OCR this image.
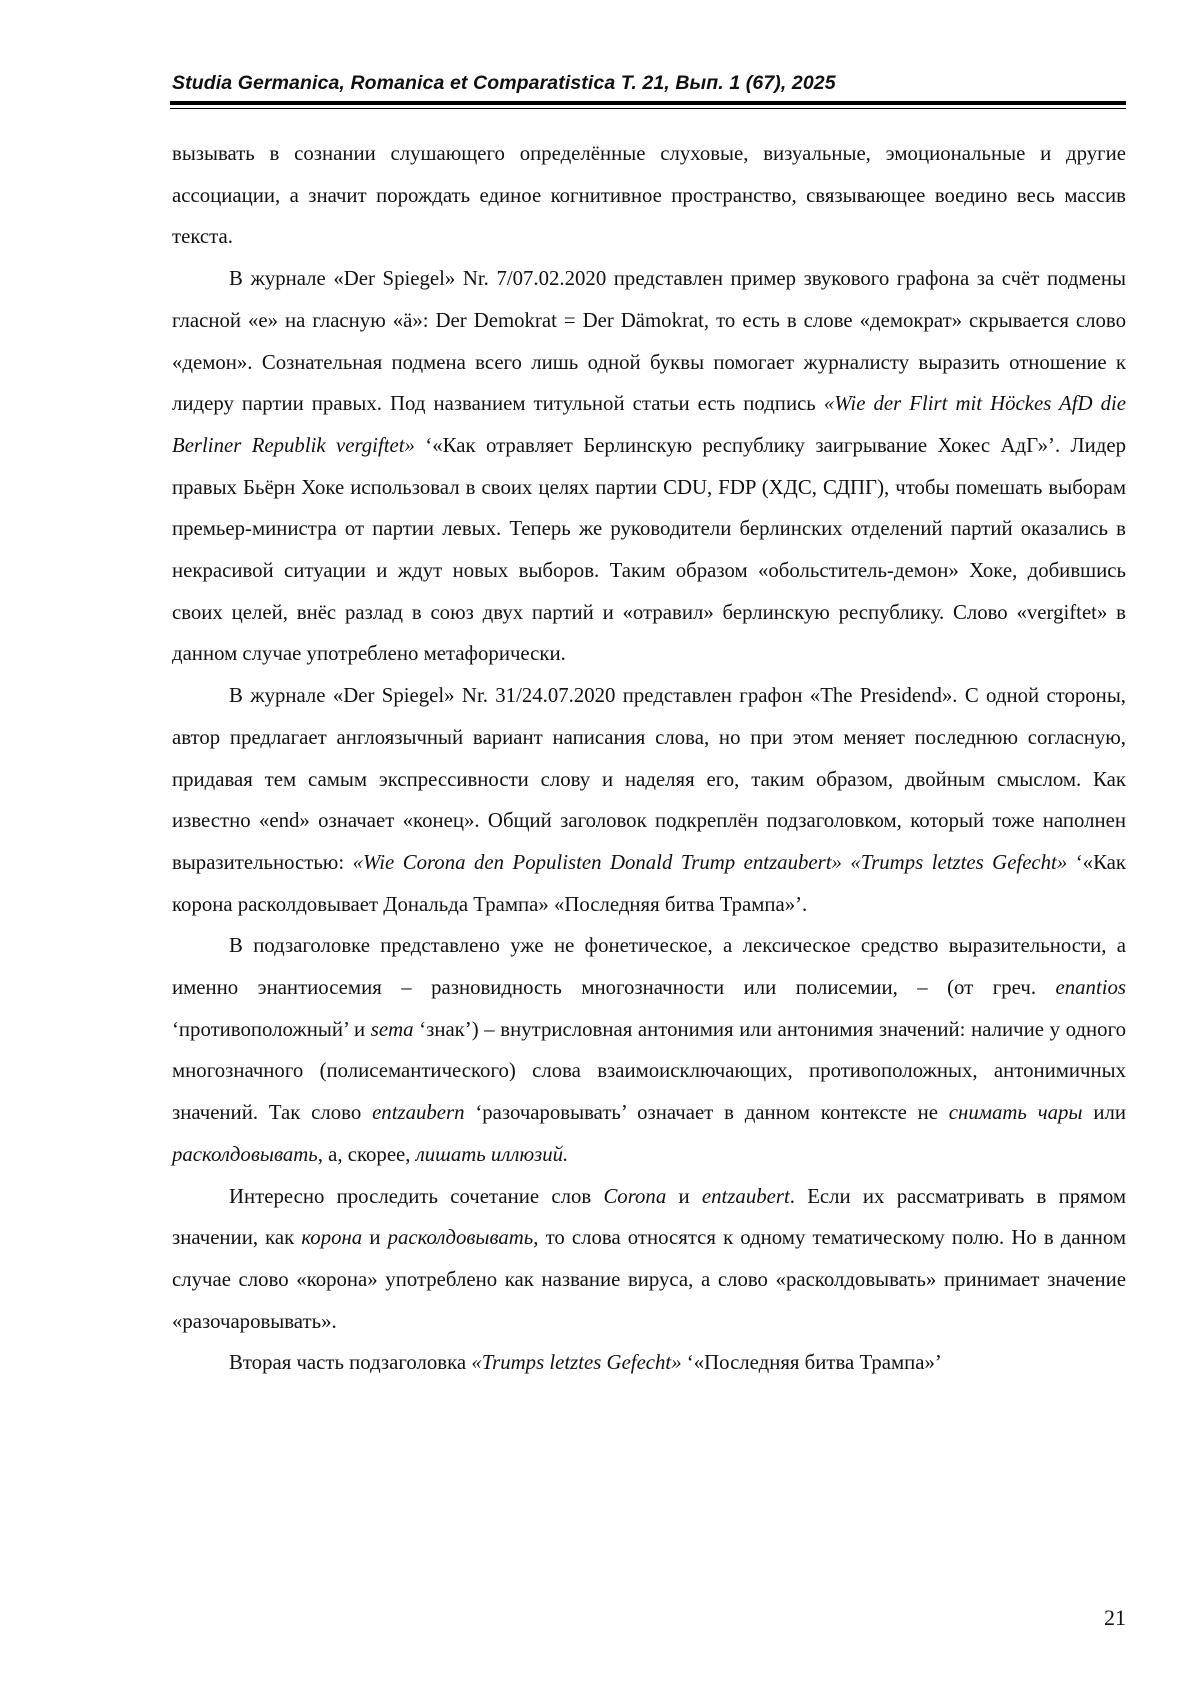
Studia Germanica, Romanica et Comparatistica T. 21, Вып. 1 (67), 2025

вызывать в сознании слушающего определённые слуховые, визуальные, эмоциональные и другие ассоциации, а значит порождать единое когнитивное пространство, связывающее воедино весь массив текста.

В журнале «Der Spiegel» Nr. 7/07.02.2020 представлен пример звукового графона за счёт подмены гласной «е» на гласную «ä»: Der Demokrat = Der Dämokrat, то есть в слове «демократ» скрывается слово «демон». Сознательная подмена всего лишь одной буквы помогает журналисту выразить отношение к лидеру партии правых. Под названием титульной статьи есть подпись «Wie der Flirt mit Höckes AfD die Berliner Republik vergiftet» ‘«Как отравляет Берлинскую республику заигрывание Хокес АдГ»’. Лидер правых Бьёрн Хоке использовал в своих целях партии CDU, FDP (ХДС, СДПГ), чтобы помешать выборам премьер-министра от партии левых. Теперь же руководители берлинских отделений партий оказались в некрасивой ситуации и ждут новых выборов. Таким образом «обольститель-демон» Хоке, добившись своих целей, внёс разлад в союз двух партий и «отравил» берлинскую республику. Слово «vergiftet» в данном случае употреблено метафорически.

В журнале «Der Spiegel» Nr. 31/24.07.2020 представлен графон «The Presidend». С одной стороны, автор предлагает англоязычный вариант написания слова, но при этом меняет последнюю согласную, придавая тем самым экспрессивности слову и наделяя его, таким образом, двойным смыслом. Как известно «end» означает «конец». Общий заголовок подкреплён подзаголовком, который тоже наполнен выразительностью: «Wie Corona den Populisten Donald Trump entzaubert» «Trumps letztes Gefecht» ‘«Как корона расколдовывает Дональда Трампа» «Последняя битва Трампа»’.

В подзаголовке представлено уже не фонетическое, а лексическое средство выразительности, а именно энантиосемия – разновидность многозначности или полисемии, – (от греч. enantios ‘противоположный’ и sema ‘знак’) – внутрисловная антонимия или антонимия значений: наличие у одного многозначного (полисемантического) слова взаимоисключающих, противоположных, антонимичных значений. Так слово entzaubern ‘разочаровывать’ означает в данном контексте не снимать чары или расколдовывать, а, скорее, лишать иллюзий.

Интересно проследить сочетание слов Corona и entzaubert. Если их рассматривать в прямом значении, как корона и расколдовывать, то слова относятся к одному тематическому полю. Но в данном случае слово «корона» употреблено как название вируса, а слово «расколдовывать» принимает значение «разочаровывать».

Вторая часть подзаголовка «Trumps letztes Gefecht» ‘«Последняя битва Трампа»’

21
